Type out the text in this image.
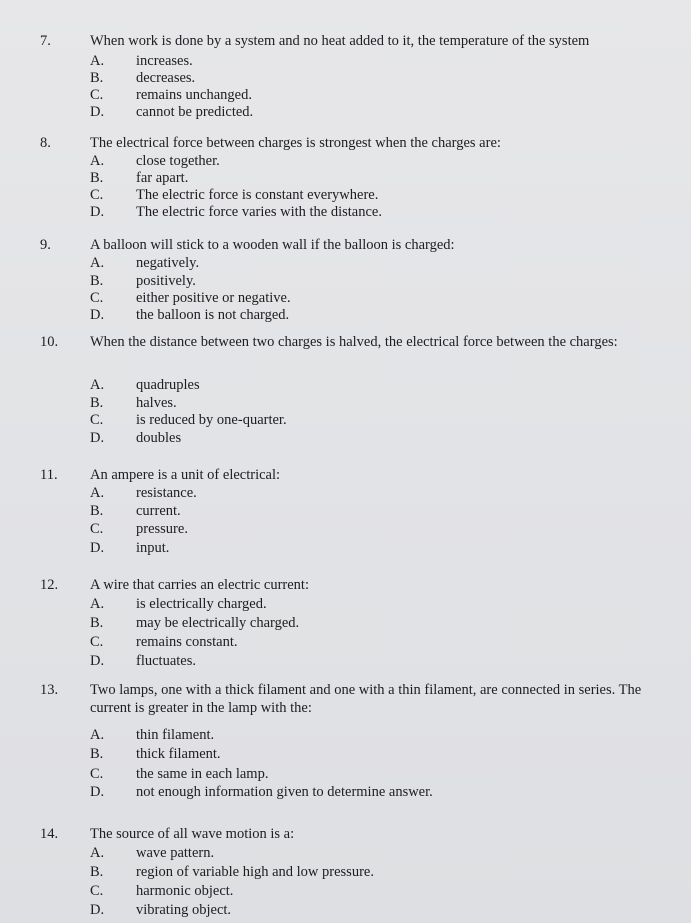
7.	When work is done by a system and no heat added to it, the temperature of the system
A.	increases.
B.	decreases.
C.	remains unchanged.
D.	cannot be predicted.
8.	The electrical force between charges is strongest when the charges are:
A.	close together.
B.	far apart.
C.	The electric force is constant everywhere.
D.	The electric force varies with the distance.
9.	A balloon will stick to a wooden wall if the balloon is charged:
A.	negatively.
B.	positively.
C.	either positive or negative.
D.	the balloon is not charged.
10. When the distance between two charges is halved, the electrical force between the charges:
A.	quadruples
B.	halves.
C.	is reduced by one-quarter.
D.	doubles
11. An ampere is a unit of electrical:
A.	resistance.
B.	current.
C.	pressure.
D.	input.
12. A wire that carries an electric current:
A.	is electrically charged.
B.	may be electrically charged.
C.	remains constant.
D.	fluctuates.
13. Two lamps, one with a thick filament and one with a thin filament, are connected in series. The current is greater in the lamp with the:
A.	thin filament.
B.	thick filament.
C.	the same in each lamp.
D.	not enough information given to determine answer.
14. The source of all wave motion is a:
A.	wave pattern.
B.	region of variable high and low pressure.
C.	harmonic object.
D.	vibrating object.
